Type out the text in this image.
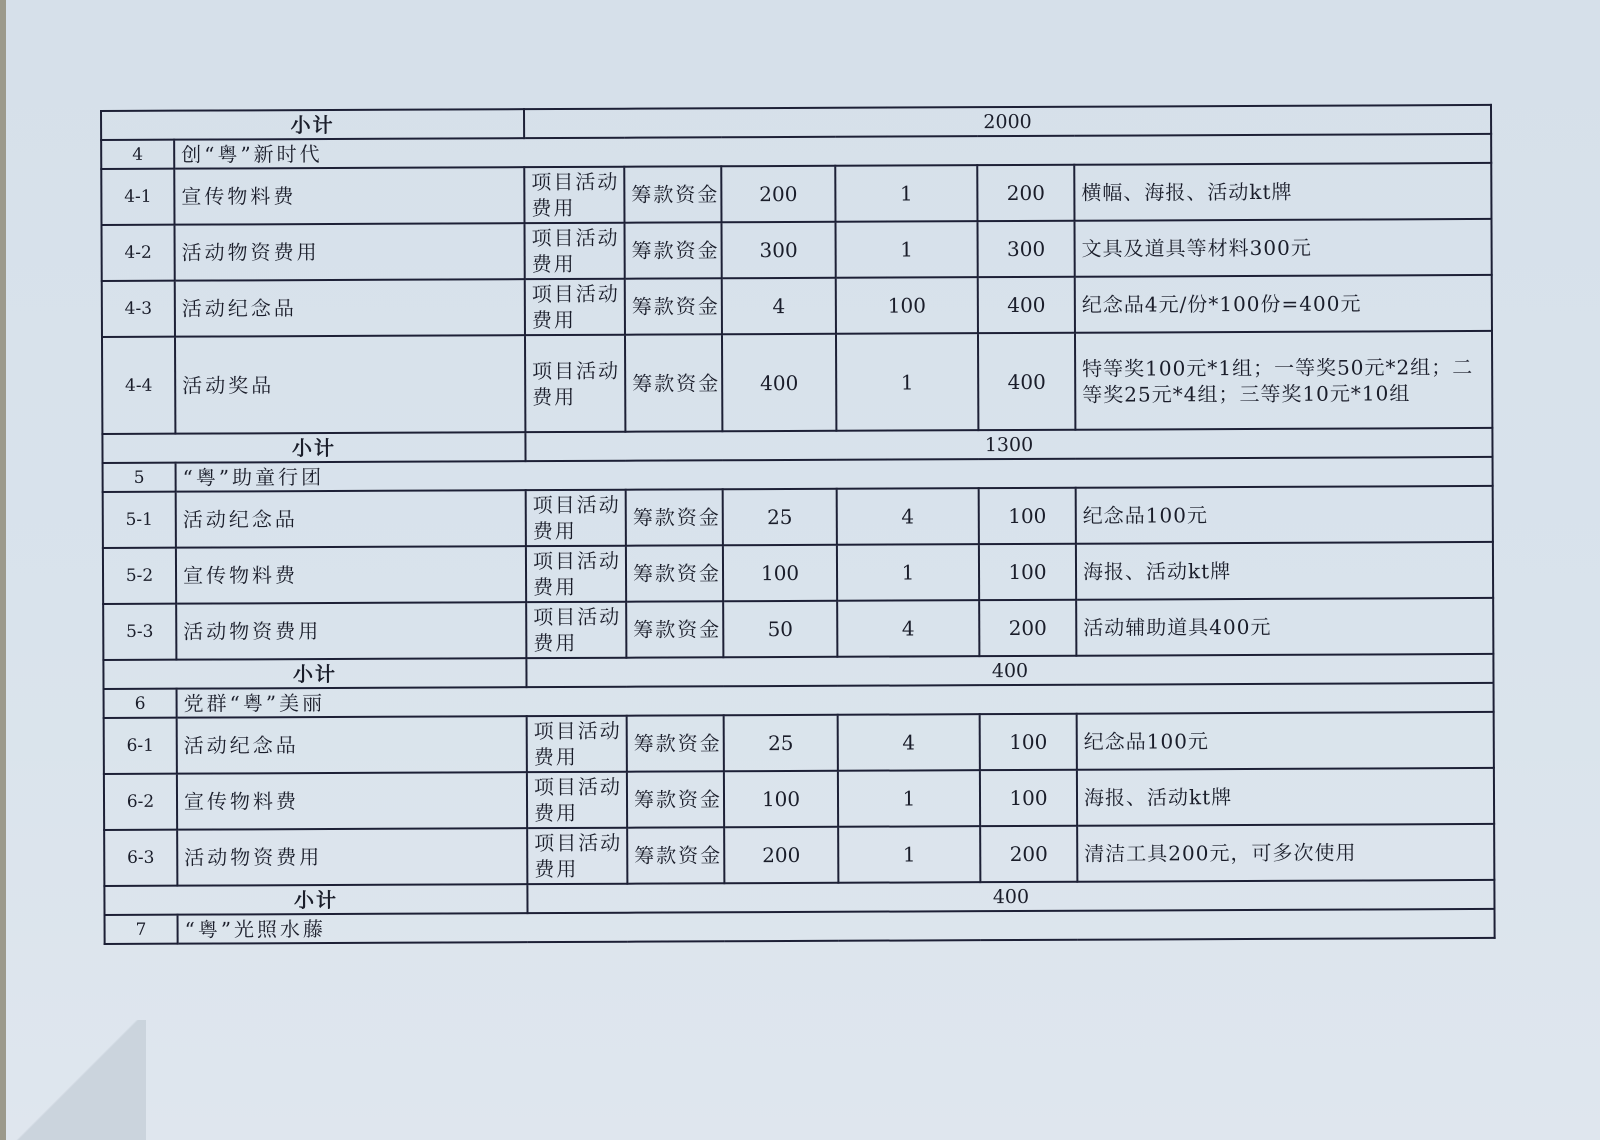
小计		2000					
4	创“粤”新时代						
4-1	宣传物料费	项目活动费用	筹款资金	200	1	200	横幅、海报、活动kt牌
4-2	活动物资费用	项目活动费用	筹款资金	300	1	300	文具及道具等材料300元
4-3	活动纪念品	项目活动费用	筹款资金	4	100	400	纪念品4元/份*100份=400元
4-4	活动奖品	项目活动费用	筹款资金	400	1	400	特等奖100元*1组；一等奖50元*2组；二等奖25元*4组；三等奖10元*10组
小计		1300					
5	“粤”助童行团						
5-1	活动纪念品	项目活动费用	筹款资金	25	4	100	纪念品100元
5-2	宣传物料费	项目活动费用	筹款资金	100	1	100	海报、活动kt牌
5-3	活动物资费用	项目活动费用	筹款资金	50	4	200	活动辅助道具400元
小计		400					
6	党群“粤”美丽						
6-1	活动纪念品	项目活动费用	筹款资金	25	4	100	纪念品100元
6-2	宣传物料费	项目活动费用	筹款资金	100	1	100	海报、活动kt牌
6-3	活动物资费用	项目活动费用	筹款资金	200	1	200	清洁工具200元，可多次使用
小计		400					
7	“粤”光照水藤						
